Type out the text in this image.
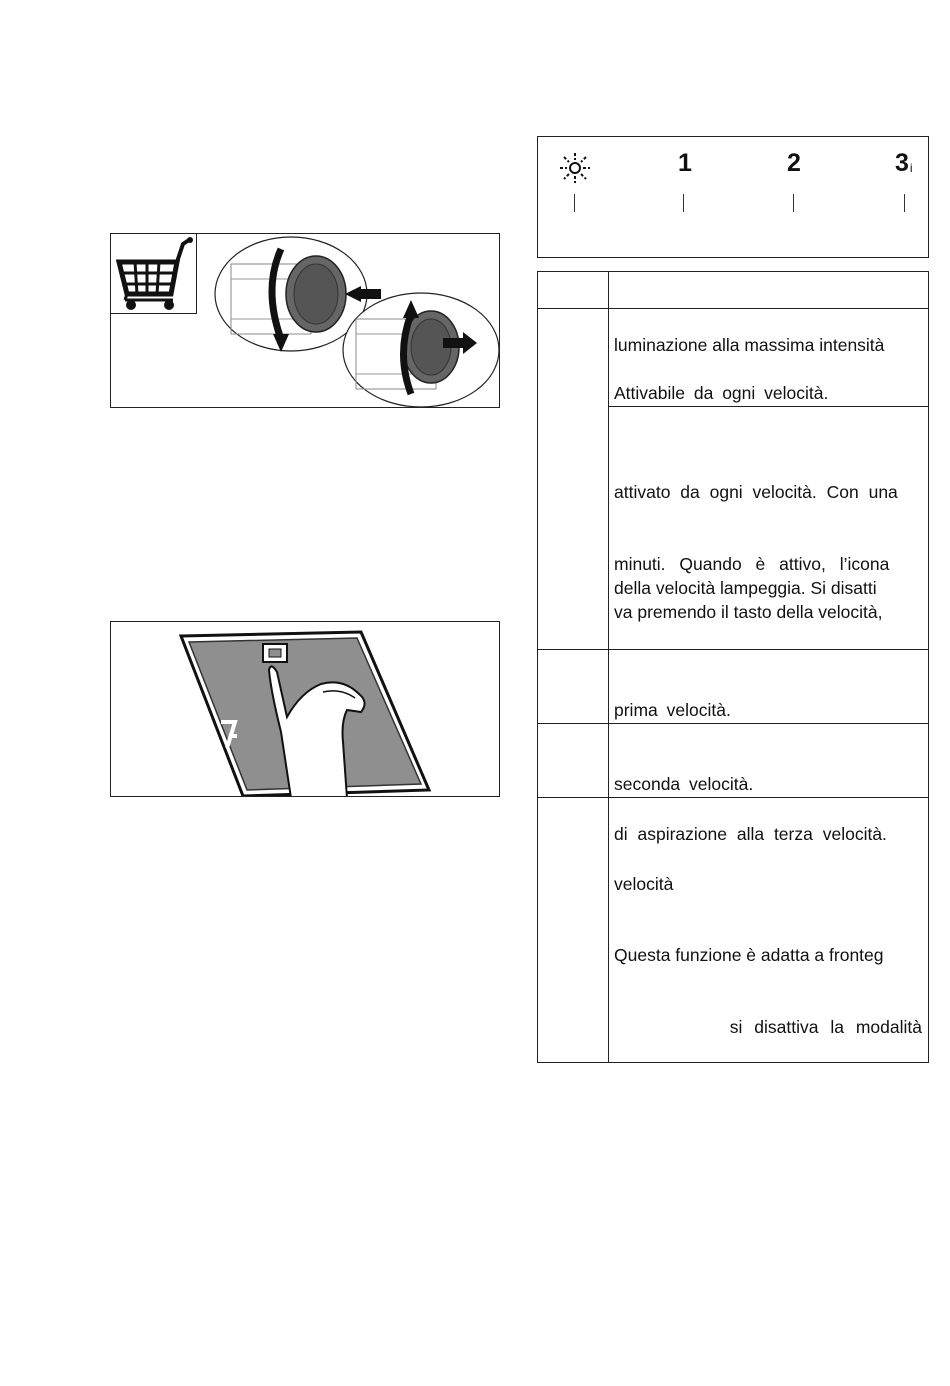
1	2	$3_i$
luminazione alla massima intensità
Attivabile da ogni velocità.
attivato da ogni velocità. Con una
minuti. Quando è attivo, l’icona
della velocità lampeggia. Si disatti
va premendo il tasto della velocità,
prima velocità.
seconda velocità.
di aspirazione alla terza velocità.
velocità
Questa funzione è adatta a fronteg
si disattiva la modalità
